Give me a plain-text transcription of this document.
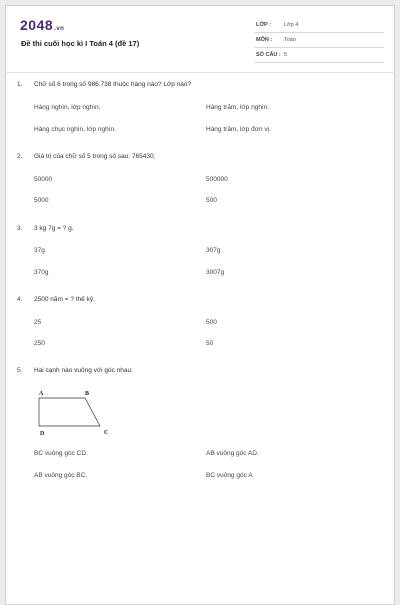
2048.vn
Đề thi cuối học kì I Toán 4 (đề 17)
LỚP : Lớp 4
MÔN : Toán
SỐ CÂU : 5
1. Chữ số 6 trong số 986.738 thuộc hàng nào? Lớp nào?
Hàng nghìn, lớp nghìn.	Hàng trăm, lớp nghìn.
Hàng chục nghìn, lớp nghìn.	Hàng trăm, lớp đơn vị.
2. Giá trị của chữ số 5 trong số sau: 765430.
50000	500000
5000	500
3. 3 kg 7g = ? g.
37g	307g
370g	3007g
4. 2500 năm = ? thế kỷ.
25	500
250	50
5. Hai cạnh nào vuông với góc nhau:
A	B
C
D
BC vuông góc CD.	AB vuông góc AD.
AB vuông góc BC.	BC vuông góc A
